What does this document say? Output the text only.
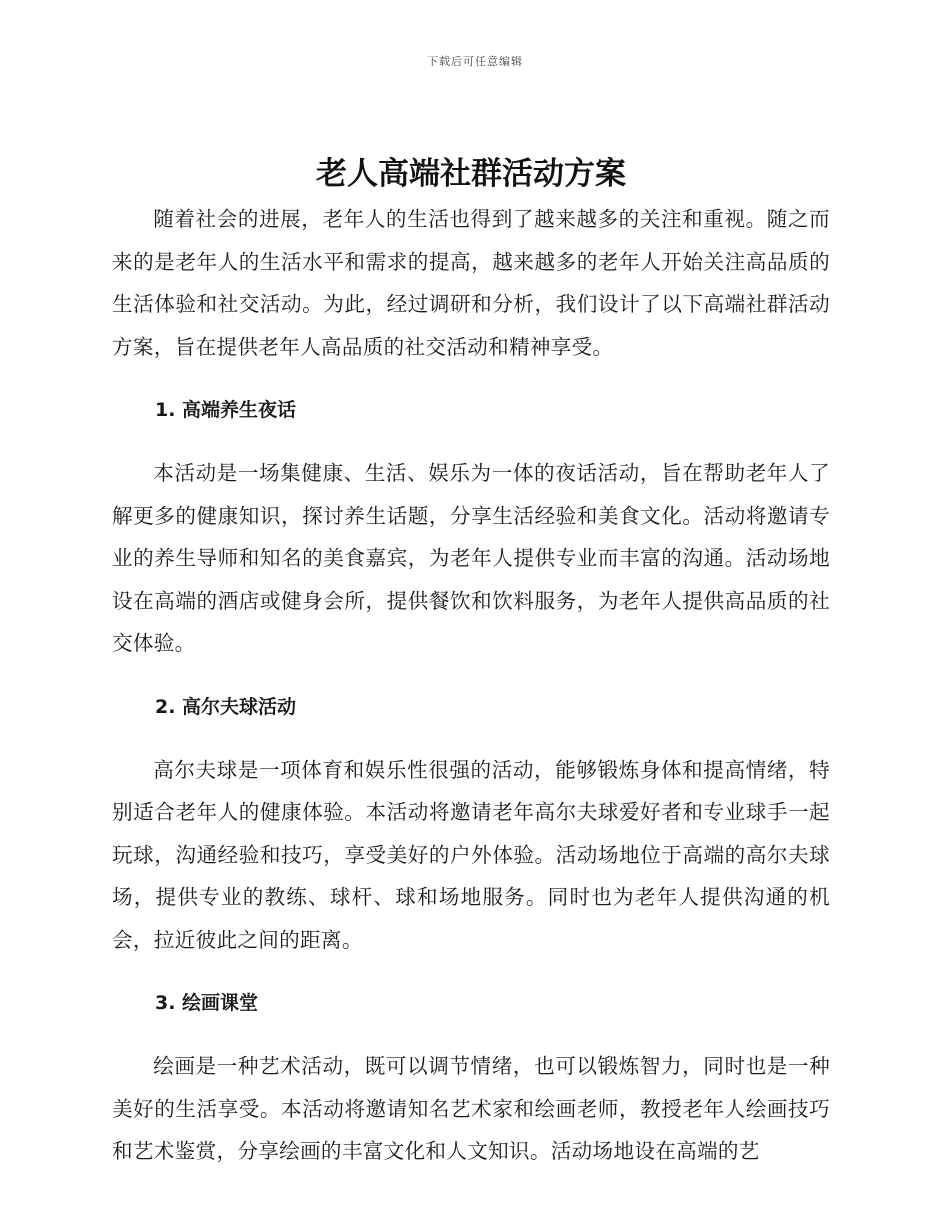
下载后可任意编辑
老人高端社群活动方案

随着社会的进展，老年人的生活也得到了越来越多的关注和重视。随之而来的是老年人的生活水平和需求的提高，越来越多的老年人开始关注高品质的生活体验和社交活动。为此，经过调研和分析，我们设计了以下高端社群活动方案，旨在提供老年人高品质的社交活动和精神享受。

1. 高端养生夜话

本活动是一场集健康、生活、娱乐为一体的夜话活动，旨在帮助老年人了解更多的健康知识，探讨养生话题，分享生活经验和美食文化。活动将邀请专业的养生导师和知名的美食嘉宾，为老年人提供专业而丰富的沟通。活动场地设在高端的酒店或健身会所，提供餐饮和饮料服务，为老年人提供高品质的社交体验。

2. 高尔夫球活动

高尔夫球是一项体育和娱乐性很强的活动，能够锻炼身体和提高情绪，特别适合老年人的健康体验。本活动将邀请老年高尔夫球爱好者和专业球手一起玩球，沟通经验和技巧，享受美好的户外体验。活动场地位于高端的高尔夫球场，提供专业的教练、球杆、球和场地服务。同时也为老年人提供沟通的机会，拉近彼此之间的距离。

3. 绘画课堂

绘画是一种艺术活动，既可以调节情绪，也可以锻炼智力，同时也是一种美好的生活享受。本活动将邀请知名艺术家和绘画老师，教授老年人绘画技巧和艺术鉴赏，分享绘画的丰富文化和人文知识。活动场地设在高端的艺
